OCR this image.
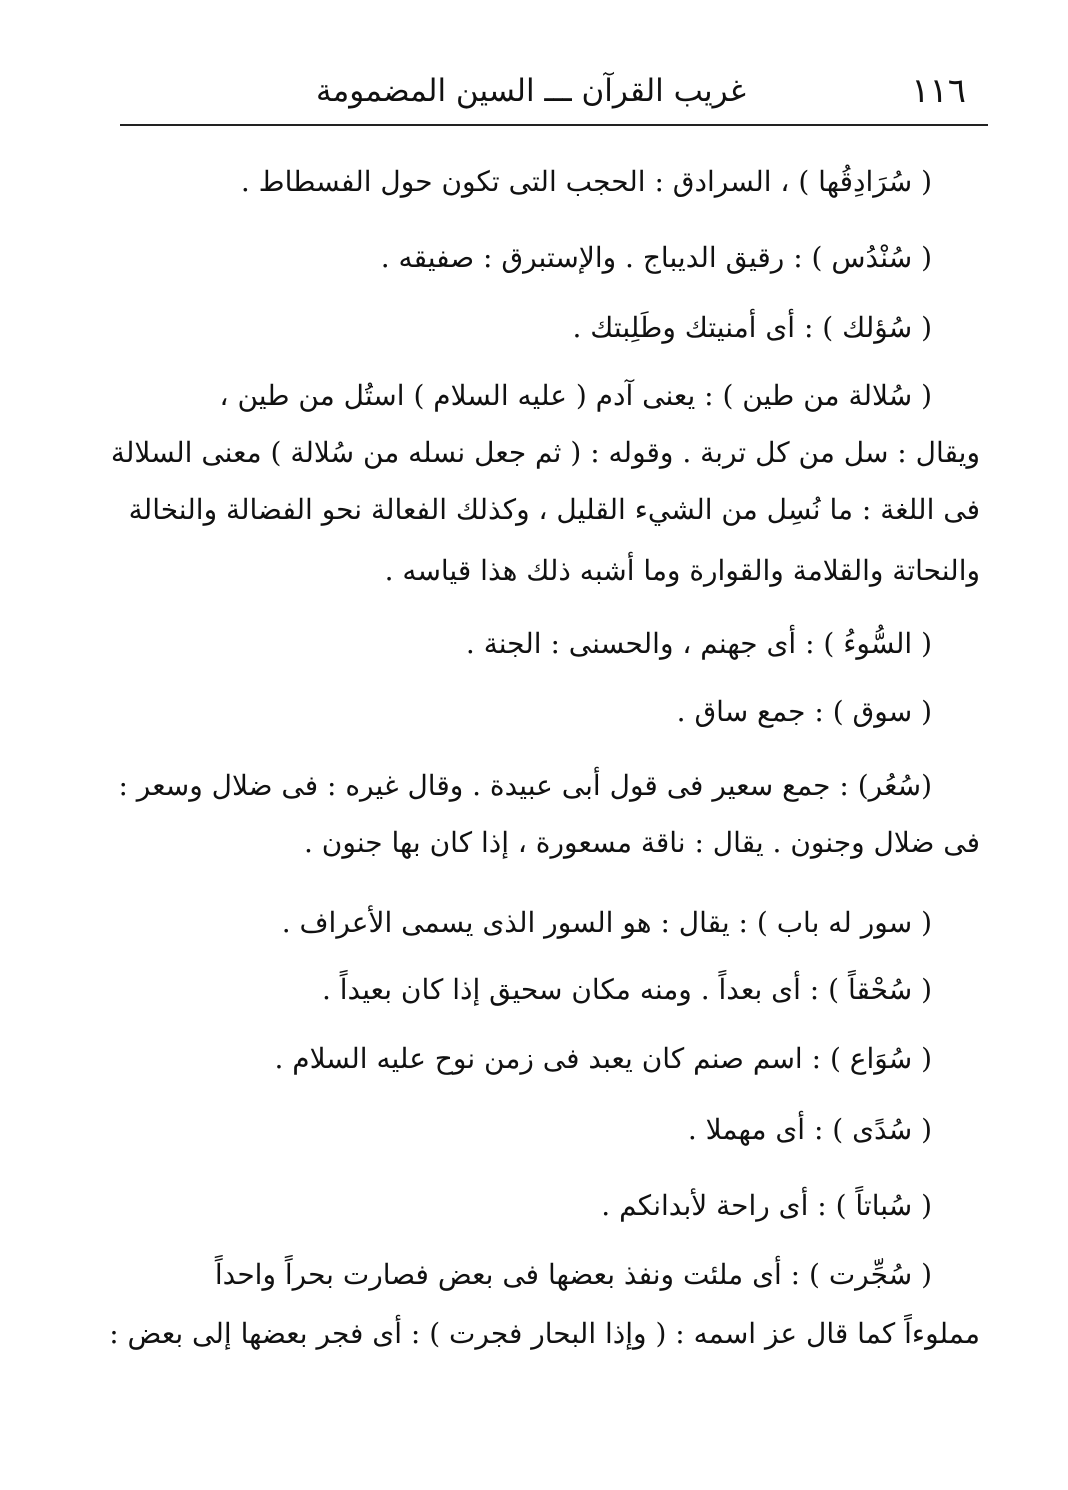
١١٦
غريب القرآن ـــ السين المضمومة
( سُرَادِقُها ) ، السرادق : الحجب التى تكون حول الفسطاط .
( سُنْدُس ) : رقيق الديباج . والإستبرق : صفيقه .
( سُؤلك ) : أى أمنيتك وطَلِبتك .
( سُلالة من طين ) : يعنى آدم ( عليه السلام ) استُل من طين ،
ويقال : سل من كل تربة . وقوله : ( ثم جعل نسله من سُلالة ) معنى السلالة
فى اللغة : ما نُسِل من الشيء القليل ، وكذلك الفعالة نحو الفضالة والنخالة
والنحاتة والقلامة والقوارة وما أشبه ذلك هذا قياسه .
( السُّوءُ ) : أى جهنم ، والحسنى : الجنة .
( سوق ) : جمع ساق .
(سُعُر) : جمع سعير فى قول أبى عبيدة . وقال غيره : فى ضلال وسعر :
فى ضلال وجنون . يقال : ناقة مسعورة ، إذا كان بها جنون .
( سور له باب ) : يقال : هو السور الذى يسمى الأعراف .
( سُحْقاً ) : أى بعداً . ومنه مكان سحيق إذا كان بعيداً .
( سُوَاع ) : اسم صنم كان يعبد فى زمن نوح عليه السلام .
( سُدًى ) : أى مهملا .
( سُباتاً ) : أى راحة لأبدانكم .
( سُجِّرت ) : أى ملئت ونفذ بعضها فى بعض فصارت بحراً واحداً
مملوءاً كما قال عز اسمه : ( وإذا البحار فجرت ) : أى فجر بعضها إلى بعض :
